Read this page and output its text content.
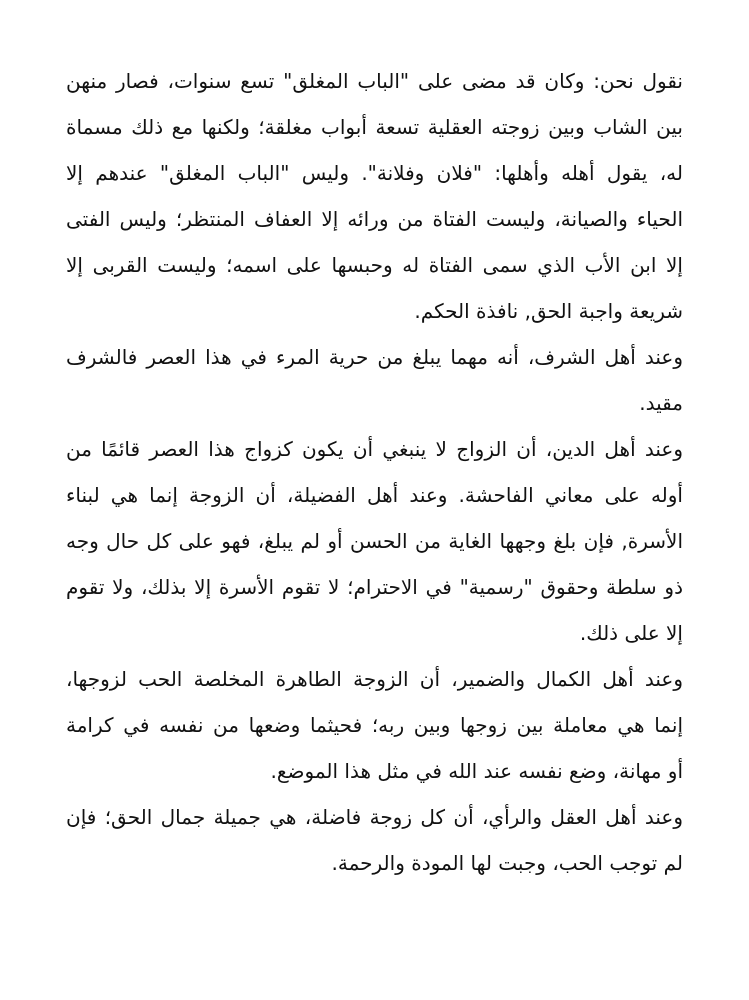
نقول نحن: وكان قد مضى على "الباب المغلق" تسع سنوات، فصار منهن
بين الشاب وبين زوجته العقلية تسعة أبواب مغلقة؛ ولكنها مع ذلك مسماة
له، يقول أهله وأهلها: "فلان وفلانة". وليس "الباب المغلق" عندهم إلا
الحياء والصيانة، وليست الفتاة من ورائه إلا العفاف المنتظر؛ وليس الفتى
إلا ابن الأب الذي سمى الفتاة له وحبسها على اسمه؛ وليست القربى إلا
شريعة واجبة الحق, نافذة الحكم.
وعند أهل الشرف، أنه مهما يبلغ من حرية المرء في هذا العصر فالشرف
مقيد.
وعند أهل الدين، أن الزواج لا ينبغي أن يكون كزواج هذا العصر قائمًا من
أوله على معاني الفاحشة. وعند أهل الفضيلة، أن الزوجة إنما هي لبناء
الأسرة, فإن بلغ وجهها الغاية من الحسن أو لم يبلغ، فهو على كل حال وجه
ذو سلطة وحقوق "رسمية" في الاحترام؛ لا تقوم الأسرة إلا بذلك، ولا تقوم
إلا على ذلك.
وعند أهل الكمال والضمير، أن الزوجة الطاهرة المخلصة الحب لزوجها،
إنما هي معاملة بين زوجها وبين ربه؛ فحيثما وضعها من نفسه في كرامة
أو مهانة، وضع نفسه عند الله في مثل هذا الموضع.
وعند أهل العقل والرأي، أن كل زوجة فاضلة، هي جميلة جمال الحق؛ فإن
لم توجب الحب، وجبت لها المودة والرحمة.
